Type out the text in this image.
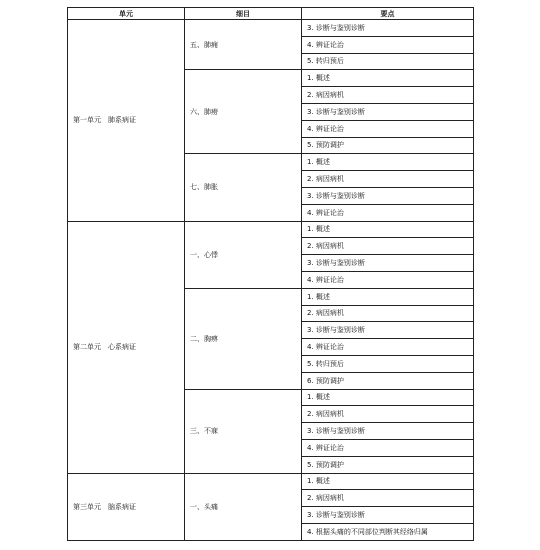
单元	细目	要点
第一单元　肺系病证	五、肺痈	3. 诊断与鉴别诊断
		4. 辨证论治
		5. 转归预后
	六、肺痨	1. 概述
		2. 病因病机
		3. 诊断与鉴别诊断
		4. 辨证论治
		5. 预防调护
	七、肺胀	1. 概述
		2. 病因病机
		3. 诊断与鉴别诊断
		4. 辨证论治
第二单元　心系病证	一、心悸	1. 概述
		2. 病因病机
		3. 诊断与鉴别诊断
		4. 辨证论治
	二、胸痹	1. 概述
		2. 病因病机
		3. 诊断与鉴别诊断
		4. 辨证论治
		5. 转归预后
		6. 预防调护
	三、不寐	1. 概述
		2. 病因病机
		3. 诊断与鉴别诊断
		4. 辨证论治
		5. 预防调护
第三单元　脑系病证	一、头痛	1. 概述
		2. 病因病机
		3. 诊断与鉴别诊断
		4. 根据头痛的不同部位判断其经络归属
